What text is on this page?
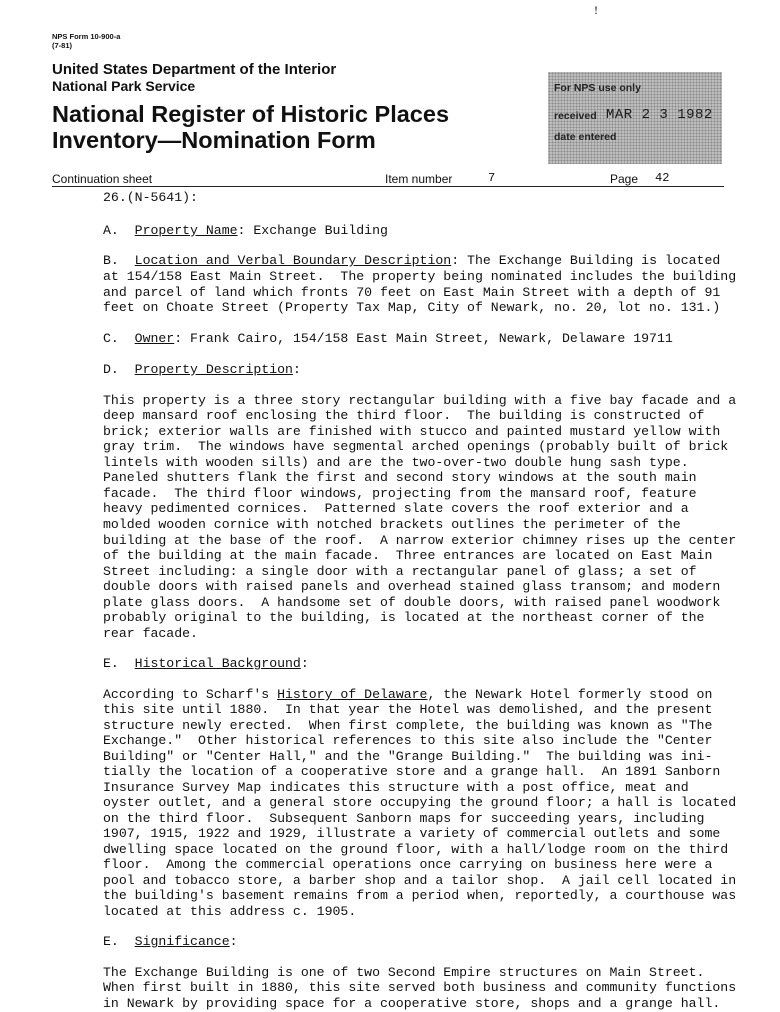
!
NPS Form 10-900-a
(7-81)
United States Department of the Interior
National Park Service
National Register of Historic Places
Inventory—Nomination Form
For NPS use only
received MAR 2 3 1982
date entered
Continuation sheet	Item number	7	Page 42
26.(N-5641):
A. Property Name: Exchange Building
B. Location and Verbal Boundary Description: The Exchange Building is located
at 154/158 East Main Street.  The property being nominated includes the building
and parcel of land which fronts 70 feet on East Main Street with a depth of 91
feet on Choate Street (Property Tax Map, City of Newark, no. 20, lot no. 131.)
C. Owner: Frank Cairo, 154/158 East Main Street, Newark, Delaware 19711
D. Property Description:
This property is a three story rectangular building with a five bay facade and a
deep mansard roof enclosing the third floor.  The building is constructed of
brick; exterior walls are finished with stucco and painted mustard yellow with
gray trim.  The windows have segmental arched openings (probably built of brick
lintels with wooden sills) and are the two-over-two double hung sash type.
Paneled shutters flank the first and second story windows at the south main
facade.  The third floor windows, projecting from the mansard roof, feature
heavy pedimented cornices.  Patterned slate covers the roof exterior and a
molded wooden cornice with notched brackets outlines the perimeter of the
building at the base of the roof.  A narrow exterior chimney rises up the center
of the building at the main facade.  Three entrances are located on East Main
Street including: a single door with a rectangular panel of glass; a set of
double doors with raised panels and overhead stained glass transom; and modern
plate glass doors.  A handsome set of double doors, with raised panel woodwork
probably original to the building, is located at the northeast corner of the
rear facade.
E. Historical Background:
According to Scharf's History of Delaware, the Newark Hotel formerly stood on
this site until 1880.  In that year the Hotel was demolished, and the present
structure newly erected.  When first complete, the building was known as "The
Exchange."  Other historical references to this site also include the "Center
Building" or "Center Hall," and the "Grange Building."  The building was ini-
tially the location of a cooperative store and a grange hall.  An 1891 Sanborn
Insurance Survey Map indicates this structure with a post office, meat and
oyster outlet, and a general store occupying the ground floor; a hall is located
on the third floor.  Subsequent Sanborn maps for succeeding years, including
1907, 1915, 1922 and 1929, illustrate a variety of commercial outlets and some
dwelling space located on the ground floor, with a hall/lodge room on the third
floor.  Among the commercial operations once carrying on business here were a
pool and tobacco store, a barber shop and a tailor shop.  A jail cell located in
the building's basement remains from a period when, reportedly, a courthouse was
located at this address c. 1905.
E. Significance:
The Exchange Building is one of two Second Empire structures on Main Street.
When first built in 1880, this site served both business and community functions
in Newark by providing space for a cooperative store, shops and a grange hall.
